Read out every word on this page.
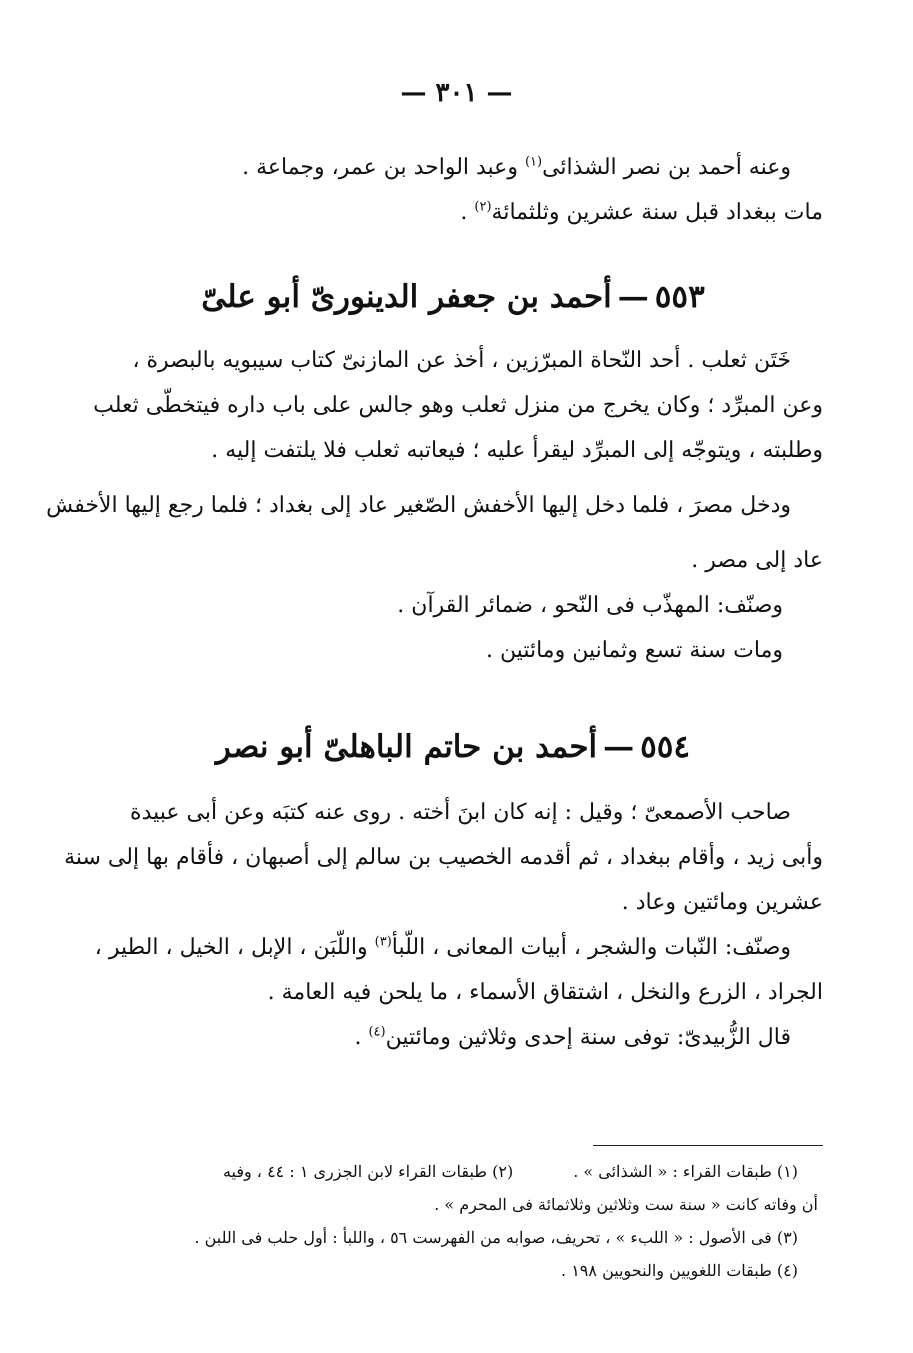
— ٣٠١ —

وعنه أحمد بن نصر الشذائى$^{(١)}$ وعبد الواحد بن عمر، وجماعة .

مات ببغداد قبل سنة عشرين وثلثمائة$^{(٢)}$ .

٥٥٣—أحمد بن جعفر الدينورىّ أبو علىّ

خَتَن ثعلب . أحد النّحاة المبرّزين ، أخذ عن المازنىّ كتاب سيبويه بالبصرة ،

وعن المبرِّد ؛ وكان يخرج من منزل ثعلب وهو جالس على باب داره فيتخطّى ثعلب

وطلبته ، ويتوجّه إلى المبرِّد ليقرأ عليه ؛ فيعاتبه ثعلب فلا يلتفت إليه .

ودخل مصرَ ، فلما دخل إليها الأخفش الصّغير عاد إلى بغداد ؛ فلما رجع إليها الأخفش

عاد إلى مصر .

وصنّف: المهذّب فى النّحو ، ضمائر القرآن .

ومات سنة تسع وثمانين ومائتين .

٥٥٤—أحمد بن حاتم الباهلىّ أبو نصر

صاحب الأصمعىّ ؛ وقيل : إنه كان ابنَ أخته . روى عنه كتبَه وعن أبى عبيدة

وأبى زيد ، وأقام ببغداد ، ثم أقدمه الخصيب بن سالم إلى أصبهان ، فأقام بها إلى سنة

عشرين ومائتين وعاد .

وصنّف: النّبات والشجر ، أبيات المعانى ، اللّبأ$^{(٣)}$ واللّبَن ، الإبل ، الخيل ، الطير ،

الجراد ، الزرع والنخل ، اشتقاق الأسماء ، ما يلحن فيه العامة .

قال الزُّبيدىّ: توفى سنة إحدى وثلاثين ومائتين$^{(٤)}$ .

(١) طبقات القراء : « الشذائى » .(٢) طبقات القراء لابن الجزرى ١ : ٤٤ ، وفيه

أن وفاته كانت « سنة ست وثلاثين وثلاثمائة فى المحرم » .

(٣) فى الأصول : « اللبء » ، تحريف، صوابه من الفهرست ٥٦ ، واللبأ : أول حلب فى اللبن .

(٤) طبقات اللغويين والنحويين ١٩٨ .
